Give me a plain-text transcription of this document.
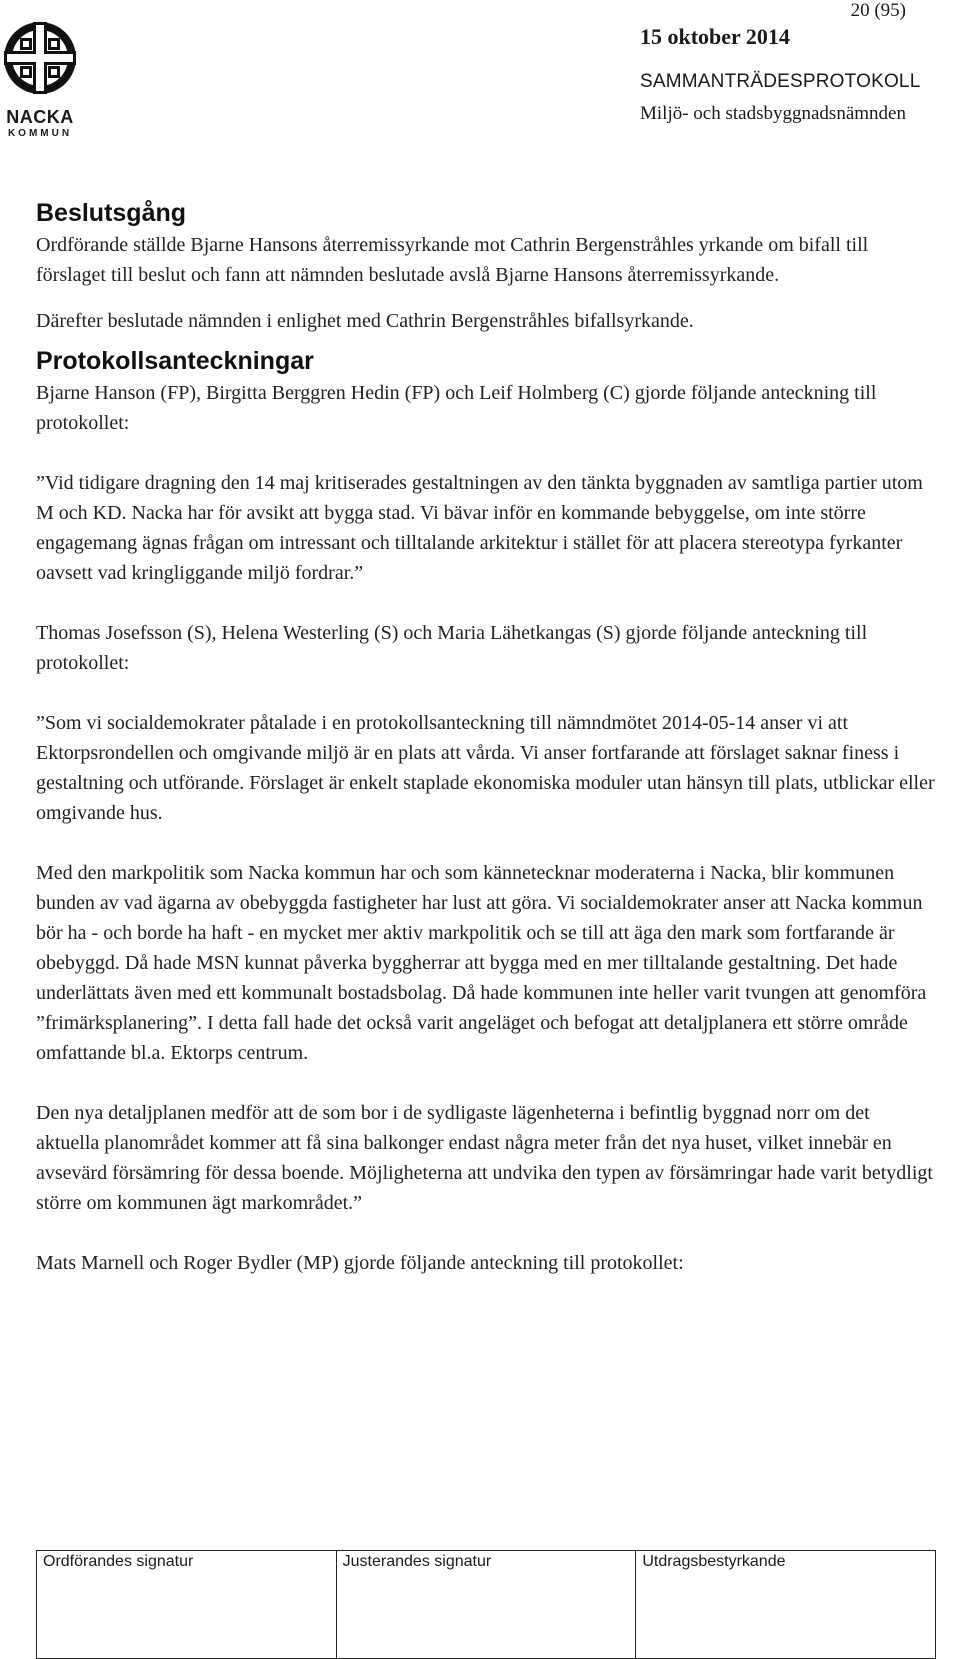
NACKA
KOMMUN
20 (95)
15 oktober 2014
SAMMANTRÄDESPROTOKOLL
Miljö- och stadsbyggnadsnämnden
Beslutsgång

Ordförande ställde Bjarne Hansons återremissyrkande mot Cathrin Bergenstråhles yrkande om bifall till förslaget till beslut och fann att nämnden beslutade avslå Bjarne Hansons återremissyrkande.

Därefter beslutade nämnden i enlighet med Cathrin Bergenstråhles bifallsyrkande.

Protokollsanteckningar

Bjarne Hanson (FP), Birgitta Berggren Hedin (FP) och Leif Holmberg (C) gjorde följande anteckning till protokollet:

”Vid tidigare dragning den 14 maj kritiserades gestaltningen av den tänkta byggnaden av samtliga partier utom M och KD. Nacka har för avsikt att bygga stad. Vi bävar inför en kommande bebyggelse, om inte större engagemang ägnas frågan om intressant och tilltalande arkitektur i stället för att placera stereotypa fyrkanter oavsett vad kringliggande miljö fordrar.”

Thomas Josefsson (S), Helena Westerling (S) och Maria Lähetkangas (S) gjorde följande anteckning till protokollet:

”Som vi socialdemokrater påtalade i en protokollsanteckning till nämndmötet 2014-05-14 anser vi att Ektorpsrondellen och omgivande miljö är en plats att vårda. Vi anser fortfarande att förslaget saknar finess i gestaltning och utförande. Förslaget är enkelt staplade ekonomiska moduler utan hänsyn till plats, utblickar eller omgivande hus.

Med den markpolitik som Nacka kommun har och som kännetecknar moderaterna i Nacka, blir kommunen bunden av vad ägarna av obebyggda fastigheter har lust att göra. Vi socialdemokrater anser att Nacka kommun bör ha - och borde ha haft - en mycket mer aktiv markpolitik och se till att äga den mark som fortfarande är obebyggd. Då hade MSN kunnat påverka byggherrar att bygga med en mer tilltalande gestaltning. Det hade underlättats även med ett kommunalt bostadsbolag. Då hade kommunen inte heller varit tvungen att genomföra ”frimärksplanering”. I detta fall hade det också varit angeläget och befogat att detaljplanera ett större område omfattande bl.a. Ektorps centrum.

Den nya detaljplanen medför att de som bor i de sydligaste lägenheterna i befintlig byggnad norr om det aktuella planområdet kommer att få sina balkonger endast några meter från det nya huset, vilket innebär en avsevärd försämring för dessa boende. Möjligheterna att undvika den typen av försämringar hade varit betydligt större om kommunen ägt markområdet.”

Mats Marnell och Roger Bydler (MP) gjorde följande anteckning till protokollet:

Ordförandes signatur	Justerandes signatur	Utdragsbestyrkande
